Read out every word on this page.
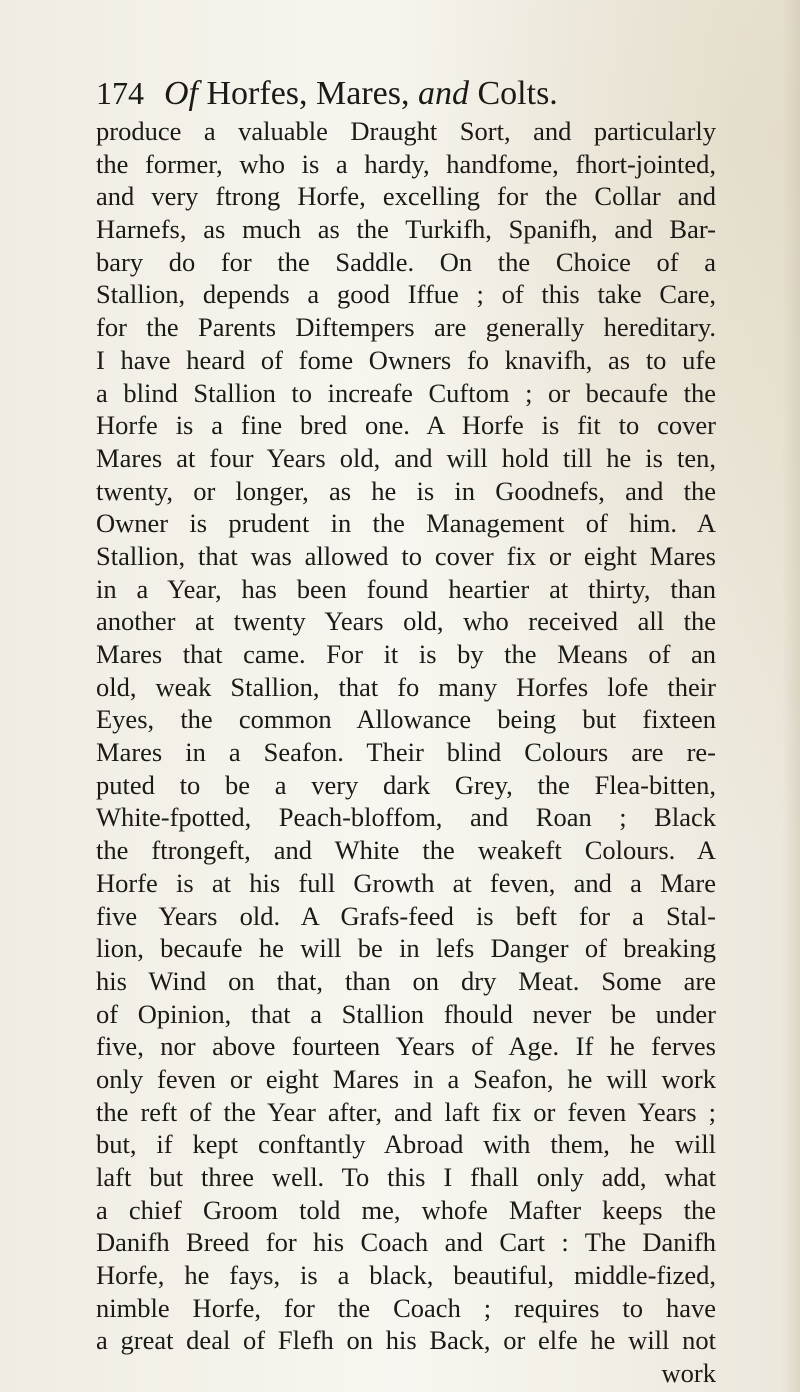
174 Of Horfes, Mares, and Colts.
produce a valuable Draught Sort, and particularly
the former, who is a hardy, handfome, fhort-jointed,
and very ftrong Horfe, excelling for the Collar and
Harnefs, as much as the Turkifh, Spanifh, and Bar-
bary do for the Saddle. On the Choice of a
Stallion, depends a good Iffue ; of this take Care,
for the Parents Diftempers are generally hereditary.
I have heard of fome Owners fo knavifh, as to ufe
a blind Stallion to increafe Cuftom ; or becaufe the
Horfe is a fine bred one. A Horfe is fit to cover
Mares at four Years old, and will hold till he is ten,
twenty, or longer, as he is in Goodnefs, and the
Owner is prudent in the Management of him. A
Stallion, that was allowed to cover fix or eight Mares
in a Year, has been found heartier at thirty, than
another at twenty Years old, who received all the
Mares that came. For it is by the Means of an
old, weak Stallion, that fo many Horfes lofe their
Eyes, the common Allowance being but fixteen
Mares in a Seafon. Their blind Colours are re-
puted to be a very dark Grey, the Flea-bitten,
White-fpotted, Peach-bloffom, and Roan ; Black
the ftrongeft, and White the weakeft Colours. A
Horfe is at his full Growth at feven, and a Mare
five Years old. A Grafs-feed is beft for a Stal-
lion, becaufe he will be in lefs Danger of breaking
his Wind on that, than on dry Meat. Some are
of Opinion, that a Stallion fhould never be under
five, nor above fourteen Years of Age. If he ferves
only feven or eight Mares in a Seafon, he will work
the reft of the Year after, and laft fix or feven Years ;
but, if kept conftantly Abroad with them, he will
laft but three well. To this I fhall only add, what
a chief Groom told me, whofe Mafter keeps the
Danifh Breed for his Coach and Cart : The Danifh
Horfe, he fays, is a black, beautiful, middle-fized,
nimble Horfe, for the Coach ; requires to have
a great deal of Flefh on his Back, or elfe he will not
work
